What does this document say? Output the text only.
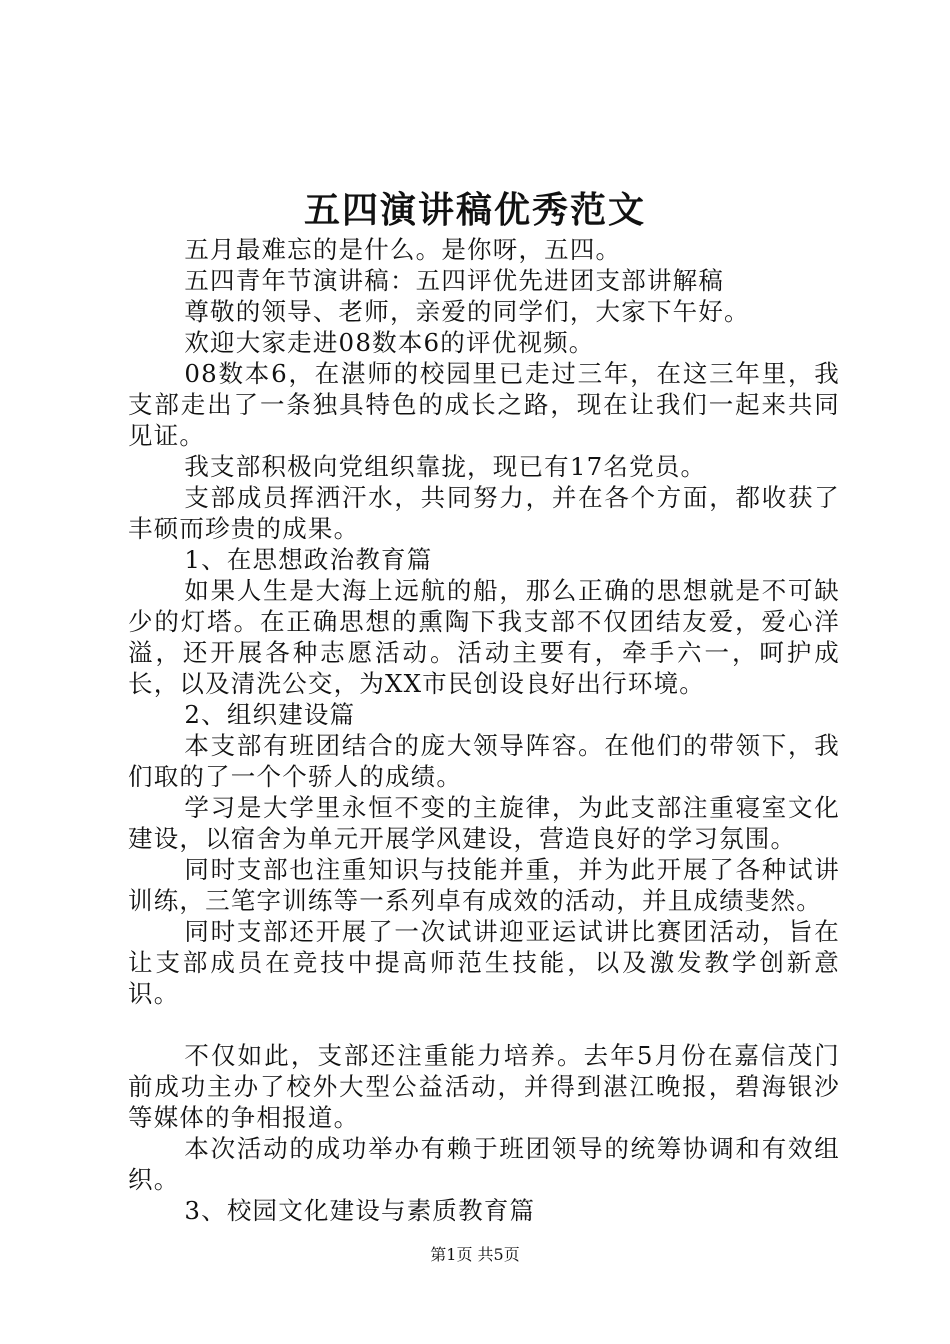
五四演讲稿优秀范文

五月最难忘的是什么。是你呀，五四。

五四青年节演讲稿：五四评优先进团支部讲解稿

尊敬的领导、老师，亲爱的同学们，大家下午好。

欢迎大家走进08数本6的评优视频。

08数本6，在湛师的校园里已走过三年，在这三年里，我支部走出了一条独具特色的成长之路，现在让我们一起来共同见证。

我支部积极向党组织靠拢，现已有17名党员。

支部成员挥洒汗水，共同努力，并在各个方面，都收获了丰硕而珍贵的成果。

1、在思想政治教育篇

如果人生是大海上远航的船，那么正确的思想就是不可缺少的灯塔。在正确思想的熏陶下我支部不仅团结友爱，爱心洋溢，还开展各种志愿活动。活动主要有，牵手六一，呵护成长，以及清洗公交，为XX市民创设良好出行环境。

2、组织建设篇

本支部有班团结合的庞大领导阵容。在他们的带领下，我们取的了一个个骄人的成绩。

学习是大学里永恒不变的主旋律，为此支部注重寝室文化建设，以宿舍为单元开展学风建设，营造良好的学习氛围。

同时支部也注重知识与技能并重，并为此开展了各种试讲训练，三笔字训练等一系列卓有成效的活动，并且成绩斐然。

同时支部还开展了一次试讲迎亚运试讲比赛团活动，旨在让支部成员在竞技中提高师范生技能，以及激发教学创新意识。

不仅如此，支部还注重能力培养。去年5月份在嘉信茂门前成功主办了校外大型公益活动，并得到湛江晚报，碧海银沙等媒体的争相报道。

本次活动的成功举办有赖于班团领导的统筹协调和有效组织。

3、校园文化建设与素质教育篇

第1页 共5页
